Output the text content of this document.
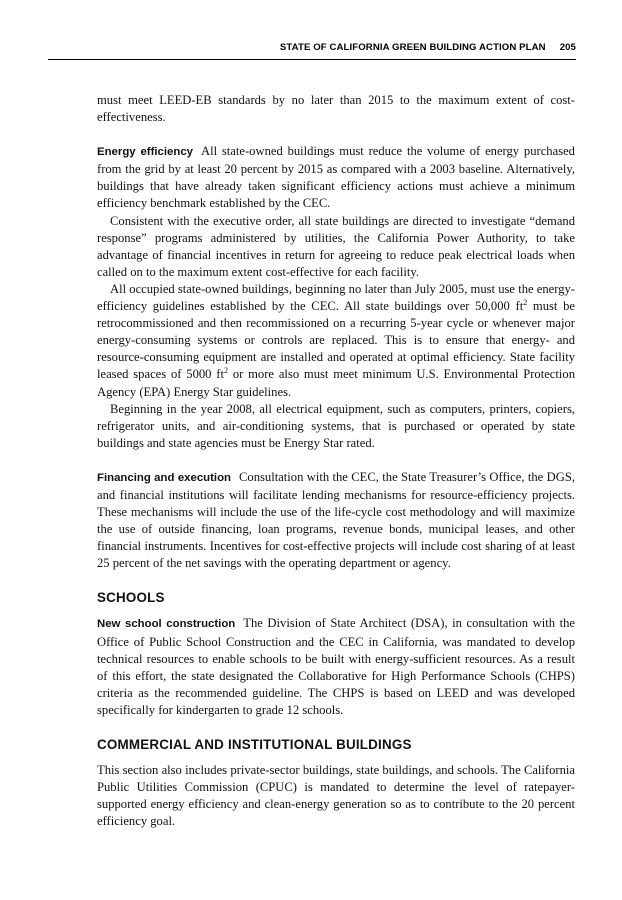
STATE OF CALIFORNIA GREEN BUILDING ACTION PLAN 205

must meet LEED-EB standards by no later than 2015 to the maximum extent of cost-effectiveness.

Energy efficiency All state-owned buildings must reduce the volume of energy purchased from the grid by at least 20 percent by 2015 as compared with a 2003 baseline. Alternatively, buildings that have already taken significant efficiency actions must achieve a minimum efficiency benchmark established by the CEC.

Consistent with the executive order, all state buildings are directed to investigate “demand response” programs administered by utilities, the California Power Authority, to take advantage of financial incentives in return for agreeing to reduce peak electrical loads when called on to the maximum extent cost-effective for each facility.

All occupied state-owned buildings, beginning no later than July 2005, must use the energy-efficiency guidelines established by the CEC. All state buildings over 50,000 $ft^2$ must be retrocommissioned and then recommissioned on a recurring 5-year cycle or whenever major energy-consuming systems or controls are replaced. This is to ensure that energy- and resource-consuming equipment are installed and operated at optimal efficiency. State facility leased spaces of 5000 $ft^2$ or more also must meet minimum U.S. Environmental Protection Agency (EPA) Energy Star guidelines.

Beginning in the year 2008, all electrical equipment, such as computers, printers, copiers, refrigerator units, and air-conditioning systems, that is purchased or operated by state buildings and state agencies must be Energy Star rated.

Financing and execution Consultation with the CEC, the State Treasurer’s Office, the DGS, and financial institutions will facilitate lending mechanisms for resource-efficiency projects. These mechanisms will include the use of the life-cycle cost methodology and will maximize the use of outside financing, loan programs, revenue bonds, municipal leases, and other financial instruments. Incentives for cost-effective projects will include cost sharing of at least 25 percent of the net savings with the operating department or agency.

SCHOOLS

New school construction The Division of State Architect (DSA), in consultation with the Office of Public School Construction and the CEC in California, was mandated to develop technical resources to enable schools to be built with energy-sufficient resources. As a result of this effort, the state designated the Collaborative for High Performance Schools (CHPS) criteria as the recommended guideline. The CHPS is based on LEED and was developed specifically for kindergarten to grade 12 schools.

COMMERCIAL AND INSTITUTIONAL BUILDINGS

This section also includes private-sector buildings, state buildings, and schools. The California Public Utilities Commission (CPUC) is mandated to determine the level of ratepayer-supported energy efficiency and clean-energy generation so as to contribute to the 20 percent efficiency goal.
